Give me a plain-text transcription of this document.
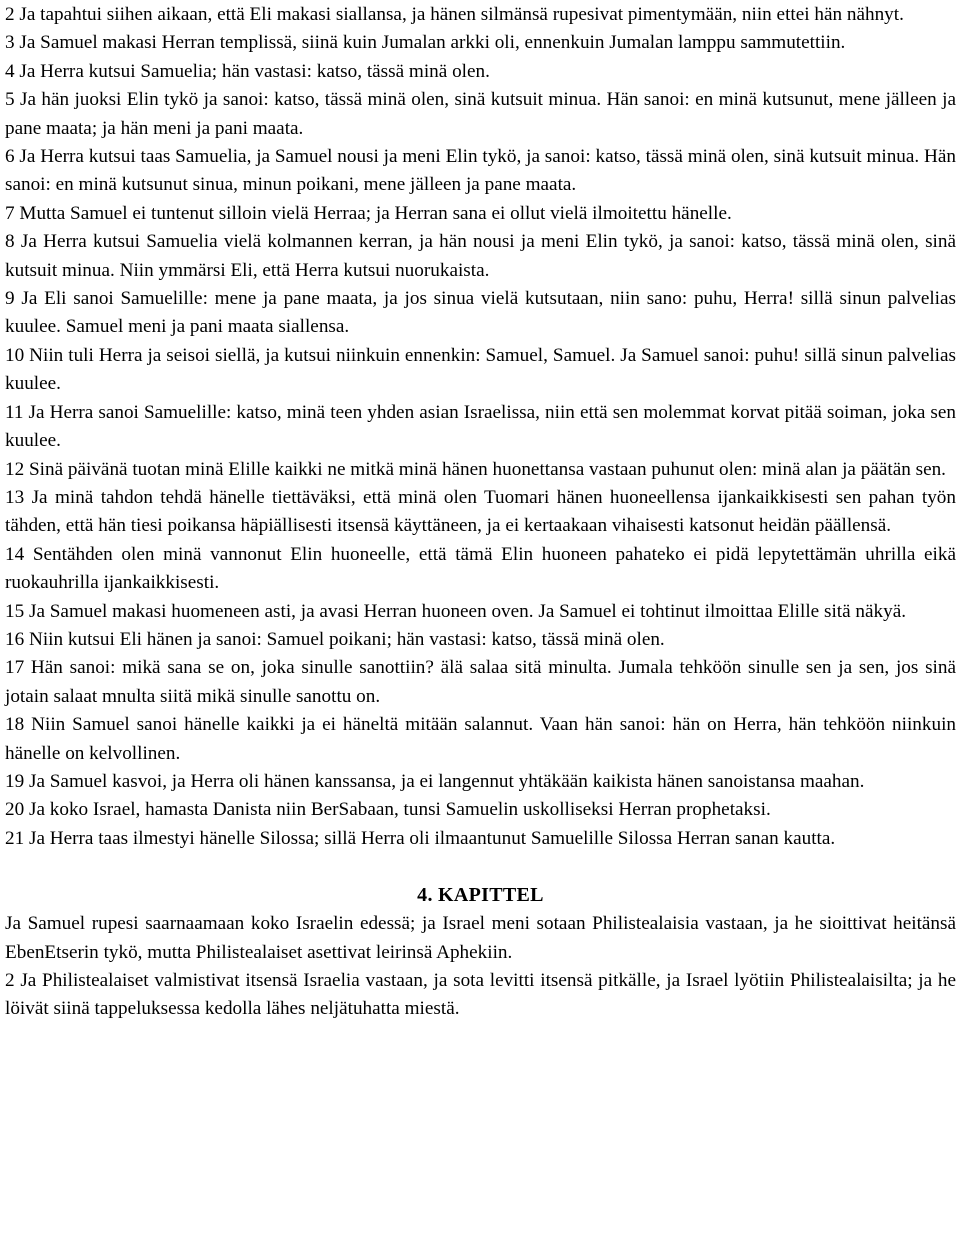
2 Ja tapahtui siihen aikaan, että Eli makasi siallansa, ja hänen silmänsä rupesivat pimentymään, niin ettei hän nähnyt.

3 Ja Samuel makasi Herran templissä, siinä kuin Jumalan arkki oli, ennenkuin Jumalan lamppu sammutettiin.

4 Ja Herra kutsui Samuelia; hän vastasi: katso, tässä minä olen.

5 Ja hän juoksi Elin tykö ja sanoi: katso, tässä minä olen, sinä kutsuit minua. Hän sanoi: en minä kutsunut, mene jälleen ja pane maata; ja hän meni ja pani maata.

6 Ja Herra kutsui taas Samuelia, ja Samuel nousi ja meni Elin tykö, ja sanoi: katso, tässä minä olen, sinä kutsuit minua. Hän sanoi: en minä kutsunut sinua, minun poikani, mene jälleen ja pane maata.

7 Mutta Samuel ei tuntenut silloin vielä Herraa; ja Herran sana ei ollut vielä ilmoitettu hänelle.

8 Ja Herra kutsui Samuelia vielä kolmannen kerran, ja hän nousi ja meni Elin tykö, ja sanoi: katso, tässä minä olen, sinä kutsuit minua. Niin ymmärsi Eli, että Herra kutsui nuorukaista.

9 Ja Eli sanoi Samuelille: mene ja pane maata, ja jos sinua vielä kutsutaan, niin sano: puhu, Herra! sillä sinun palvelias kuulee. Samuel meni ja pani maata siallensa.

10 Niin tuli Herra ja seisoi siellä, ja kutsui niinkuin ennenkin: Samuel, Samuel. Ja Samuel sanoi: puhu! sillä sinun palvelias kuulee.

11 Ja Herra sanoi Samuelille: katso, minä teen yhden asian Israelissa, niin että sen molemmat korvat pitää soiman, joka sen kuulee.

12 Sinä päivänä tuotan minä Elille kaikki ne mitkä minä hänen huonettansa vastaan puhunut olen: minä alan ja päätän sen.

13 Ja minä tahdon tehdä hänelle tiettäväksi, että minä olen Tuomari hänen huoneellensa ijankaikkisesti sen pahan työn tähden, että hän tiesi poikansa häpiällisesti itsensä käyttäneen, ja ei kertaakaan vihaisesti katsonut heidän päällensä.

14 Sentähden olen minä vannonut Elin huoneelle, että tämä Elin huoneen pahateko ei pidä lepytettämän uhrilla eikä ruokauhrilla ijankaikkisesti.

15 Ja Samuel makasi huomeneen asti, ja avasi Herran huoneen oven. Ja Samuel ei tohtinut ilmoittaa Elille sitä näkyä.

16 Niin kutsui Eli hänen ja sanoi: Samuel poikani; hän vastasi: katso, tässä minä olen.

17 Hän sanoi: mikä sana se on, joka sinulle sanottiin? älä salaa sitä minulta. Jumala tehköön sinulle sen ja sen, jos sinä jotain salaat mnulta siitä mikä sinulle sanottu on.

18 Niin Samuel sanoi hänelle kaikki ja ei häneltä mitään salannut. Vaan hän sanoi: hän on Herra, hän tehköön niinkuin hänelle on kelvollinen.

19 Ja Samuel kasvoi, ja Herra oli hänen kanssansa, ja ei langennut yhtäkään kaikista hänen sanoistansa maahan.

20 Ja koko Israel, hamasta Danista niin BerSabaan, tunsi Samuelin uskolliseksi Herran prophetaksi.

21 Ja Herra taas ilmestyi hänelle Silossa; sillä Herra oli ilmaantunut Samuelille Silossa Herran sanan kautta.

4. KAPITTEL

Ja Samuel rupesi saarnaamaan koko Israelin edessä; ja Israel meni sotaan Philistealaisia vastaan, ja he sioittivat heitänsä EbenEtserin tykö, mutta Philistealaiset asettivat leirinsä Aphekiin.

2 Ja Philistealaiset valmistivat itsensä Israelia vastaan, ja sota levitti itsensä pitkälle, ja Israel lyötiin Philistealaisilta; ja he löivät siinä tappeluksessa kedolla lähes neljätuhatta miestä.
